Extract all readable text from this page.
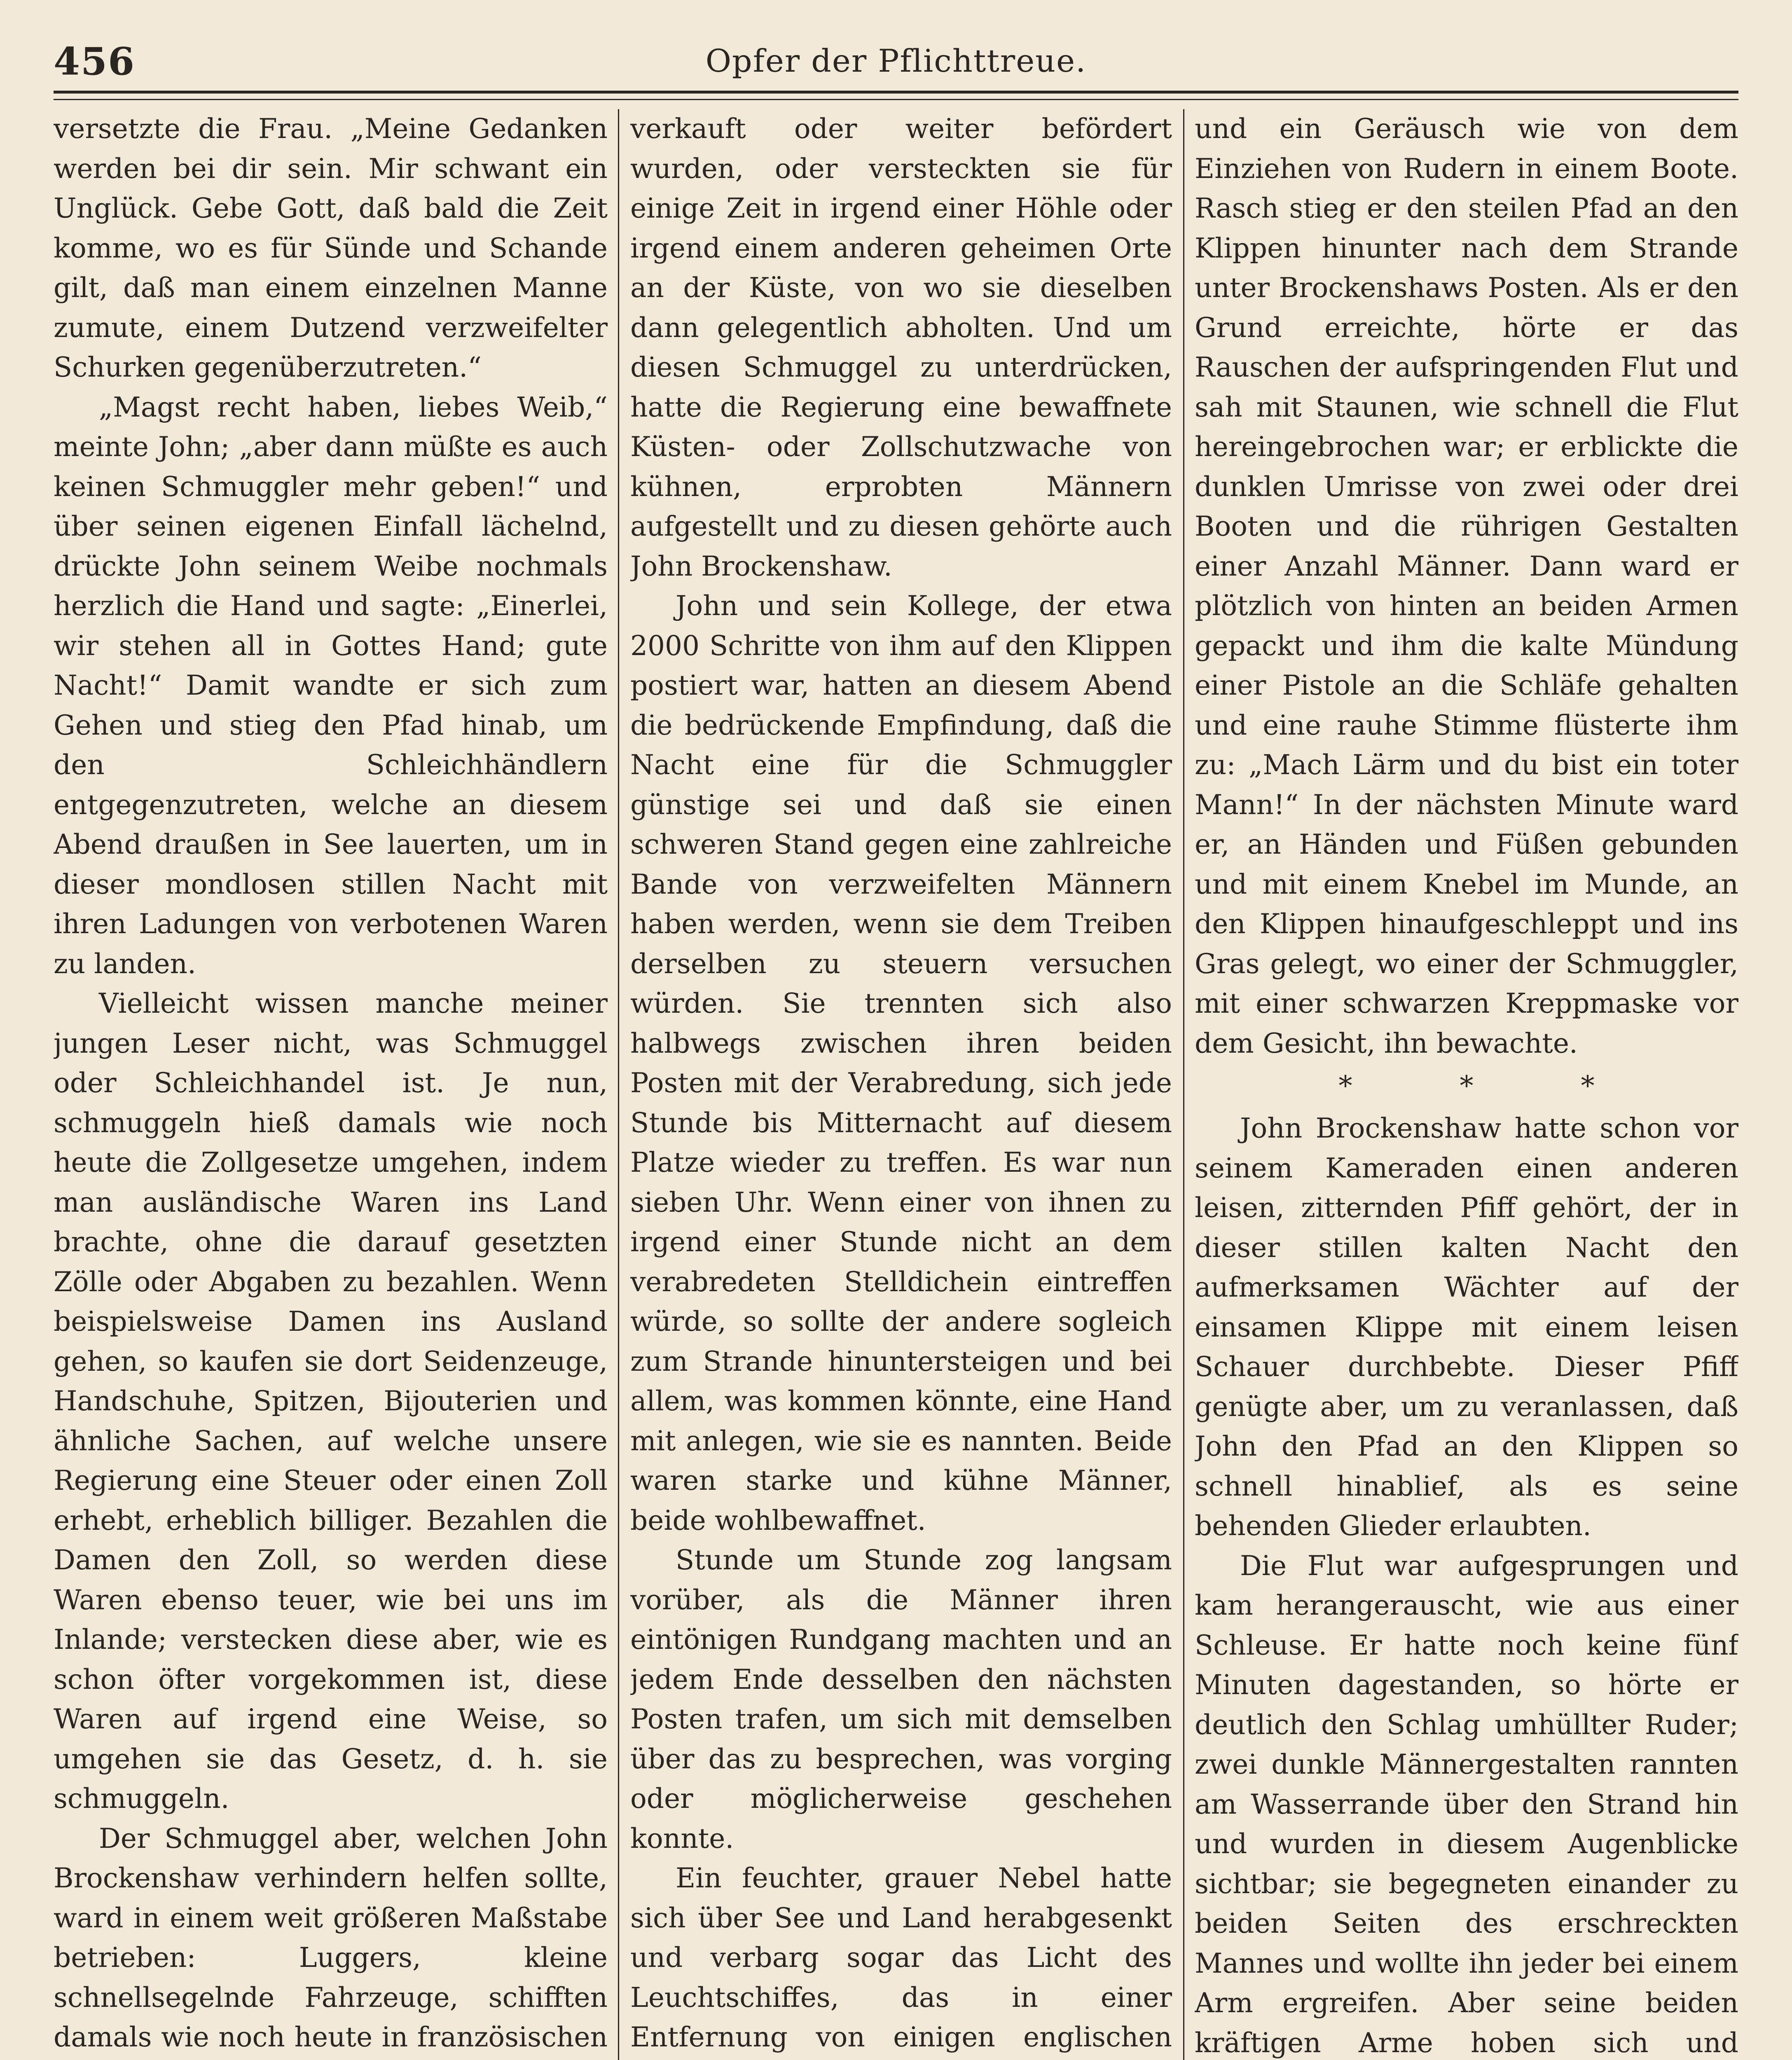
456	Opfer der Pflichttreue.

versetzte die Frau. „Meine Gedanken werden bei dir sein. Mir schwant ein Unglück. Gebe Gott, daß bald die Zeit komme, wo es für Sünde und Schande gilt, daß man einem einzelnen Manne zumute, einem Dutzend verzweifelter Schurken gegenüberzutreten.“

„Magst recht haben, liebes Weib,“ meinte John; „aber dann müßte es auch keinen Schmuggler mehr geben!“ und über seinen eigenen Einfall lächelnd, drückte John seinem Weibe nochmals herzlich die Hand und sagte: „Einerlei, wir stehen all in Gottes Hand; gute Nacht!“ Damit wandte er sich zum Gehen und stieg den Pfad hinab, um den Schleichhändlern entgegenzutreten, welche an diesem Abend draußen in See lauerten, um in dieser mondlosen stillen Nacht mit ihren Ladungen von verbotenen Waren zu landen.

Vielleicht wissen manche meiner jungen Leser nicht, was Schmuggel oder Schleichhandel ist. Je nun, schmuggeln hieß damals wie noch heute die Zollgesetze umgehen, indem man ausländische Waren ins Land brachte, ohne die darauf gesetzten Zölle oder Abgaben zu bezahlen. Wenn beispielsweise Damen ins Ausland gehen, so kaufen sie dort Seidenzeuge, Handschuhe, Spitzen, Bijouterien und ähnliche Sachen, auf welche unsere Regierung eine Steuer oder einen Zoll erhebt, erheblich billiger. Bezahlen die Damen den Zoll, so werden diese Waren ebenso teuer, wie bei uns im Inlande; verstecken diese aber, wie es schon öfter vorgekommen ist, diese Waren auf irgend eine Weise, so umgehen sie das Gesetz, d. h. sie schmuggeln.

Der Schmuggel aber, welchen John Brockenshaw verhindern helfen sollte, ward in einem weit größeren Maßstabe betrieben: Luggers, kleine schnellsegelnde Fahrzeuge, schifften damals wie noch heute in französischen

verkauft oder weiter befördert wurden, oder versteckten sie für einige Zeit in irgend einer Höhle oder irgend einem anderen geheimen Orte an der Küste, von wo sie dieselben dann gelegentlich abholten. Und um diesen Schmuggel zu unterdrücken, hatte die Regierung eine bewaffnete Küsten- oder Zollschutzwache von kühnen, erprobten Männern aufgestellt und zu diesen gehörte auch John Brockenshaw.

John und sein Kollege, der etwa 2000 Schritte von ihm auf den Klippen postiert war, hatten an diesem Abend die bedrückende Empfindung, daß die Nacht eine für die Schmuggler günstige sei und daß sie einen schweren Stand gegen eine zahlreiche Bande von verzweifelten Männern haben werden, wenn sie dem Treiben derselben zu steuern versuchen würden. Sie trennten sich also halbwegs zwischen ihren beiden Posten mit der Verabredung, sich jede Stunde bis Mitternacht auf diesem Platze wieder zu treffen. Es war nun sieben Uhr. Wenn einer von ihnen zu irgend einer Stunde nicht an dem verabredeten Stelldichein eintreffen würde, so sollte der andere sogleich zum Strande hinuntersteigen und bei allem, was kommen könnte, eine Hand mit anlegen, wie sie es nannten. Beide waren starke und kühne Männer, beide wohlbewaffnet.

Stunde um Stunde zog langsam vorüber, als die Männer ihren eintönigen Rundgang machten und an jedem Ende desselben den nächsten Posten trafen, um sich mit demselben über das zu besprechen, was vorging oder möglicherweise geschehen konnte.

Ein feuchter, grauer Nebel hatte sich über See und Land herabgesenkt und verbarg sogar das Licht des Leuchtschiffes, das in einer Entfernung von einigen englischen

und ein Geräusch wie von dem Einziehen von Rudern in einem Boote. Rasch stieg er den steilen Pfad an den Klippen hinunter nach dem Strande unter Brockenshaws Posten. Als er den Grund erreichte, hörte er das Rauschen der aufspringenden Flut und sah mit Staunen, wie schnell die Flut hereingebrochen war; er erblickte die dunklen Umrisse von zwei oder drei Booten und die rührigen Gestalten einer Anzahl Männer. Dann ward er plötzlich von hinten an beiden Armen gepackt und ihm die kalte Mündung einer Pistole an die Schläfe gehalten und eine rauhe Stimme flüsterte ihm zu: „Mach Lärm und du bist ein toter Mann!“ In der nächsten Minute ward er, an Händen und Füßen gebunden und mit einem Knebel im Munde, an den Klippen hinaufgeschleppt und ins Gras gelegt, wo einer der Schmuggler, mit einer schwarzen Kreppmaske vor dem Gesicht, ihn bewachte.

* * *

John Brockenshaw hatte schon vor seinem Kameraden einen anderen leisen, zitternden Pfiff gehört, der in dieser stillen kalten Nacht den aufmerksamen Wächter auf der einsamen Klippe mit einem leisen Schauer durchbebte. Dieser Pfiff genügte aber, um zu veranlassen, daß John den Pfad an den Klippen so schnell hinablief, als es seine behenden Glieder erlaubten.

Die Flut war aufgesprungen und kam herangerauscht, wie aus einer Schleuse. Er hatte noch keine fünf Minuten dagestanden, so hörte er deutlich den Schlag umhüllter Ruder; zwei dunkle Männergestalten rannten am Wasserrande über den Strand hin und wurden in diesem Augenblicke sichtbar; sie begegneten einander zu beiden Seiten des erschreckten Mannes und wollte ihn jeder bei einem Arm ergreifen. Aber seine beiden kräftigen Arme hoben sich und
